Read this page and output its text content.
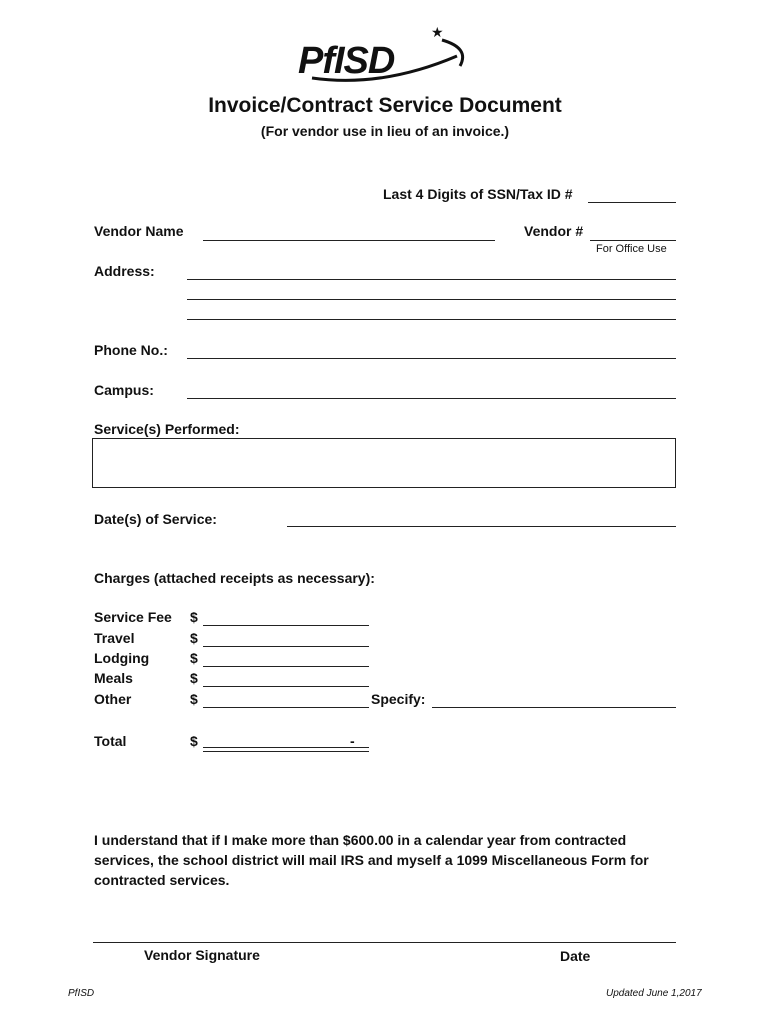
PfISD
★
Invoice/Contract Service Document
(For vendor use in lieu of an invoice.)
Last 4 Digits of SSN/Tax ID #
Vendor Name	Vendor #
For Office Use
Address:
Phone No.:
Campus:
Service(s) Performed:
Date(s) of Service:
Charges (attached receipts as necessary):
Service Fee $
Travel	$
Lodging	$
Meals	$
Other	$	Specify:
Total	$	-
I understand that if I make more than $600.00 in a calendar year from contracted services, the school district will mail IRS and myself a 1099 Miscellaneous Form for contracted services.
Vendor Signature	Date
PfISD	Updated June 1,2017
